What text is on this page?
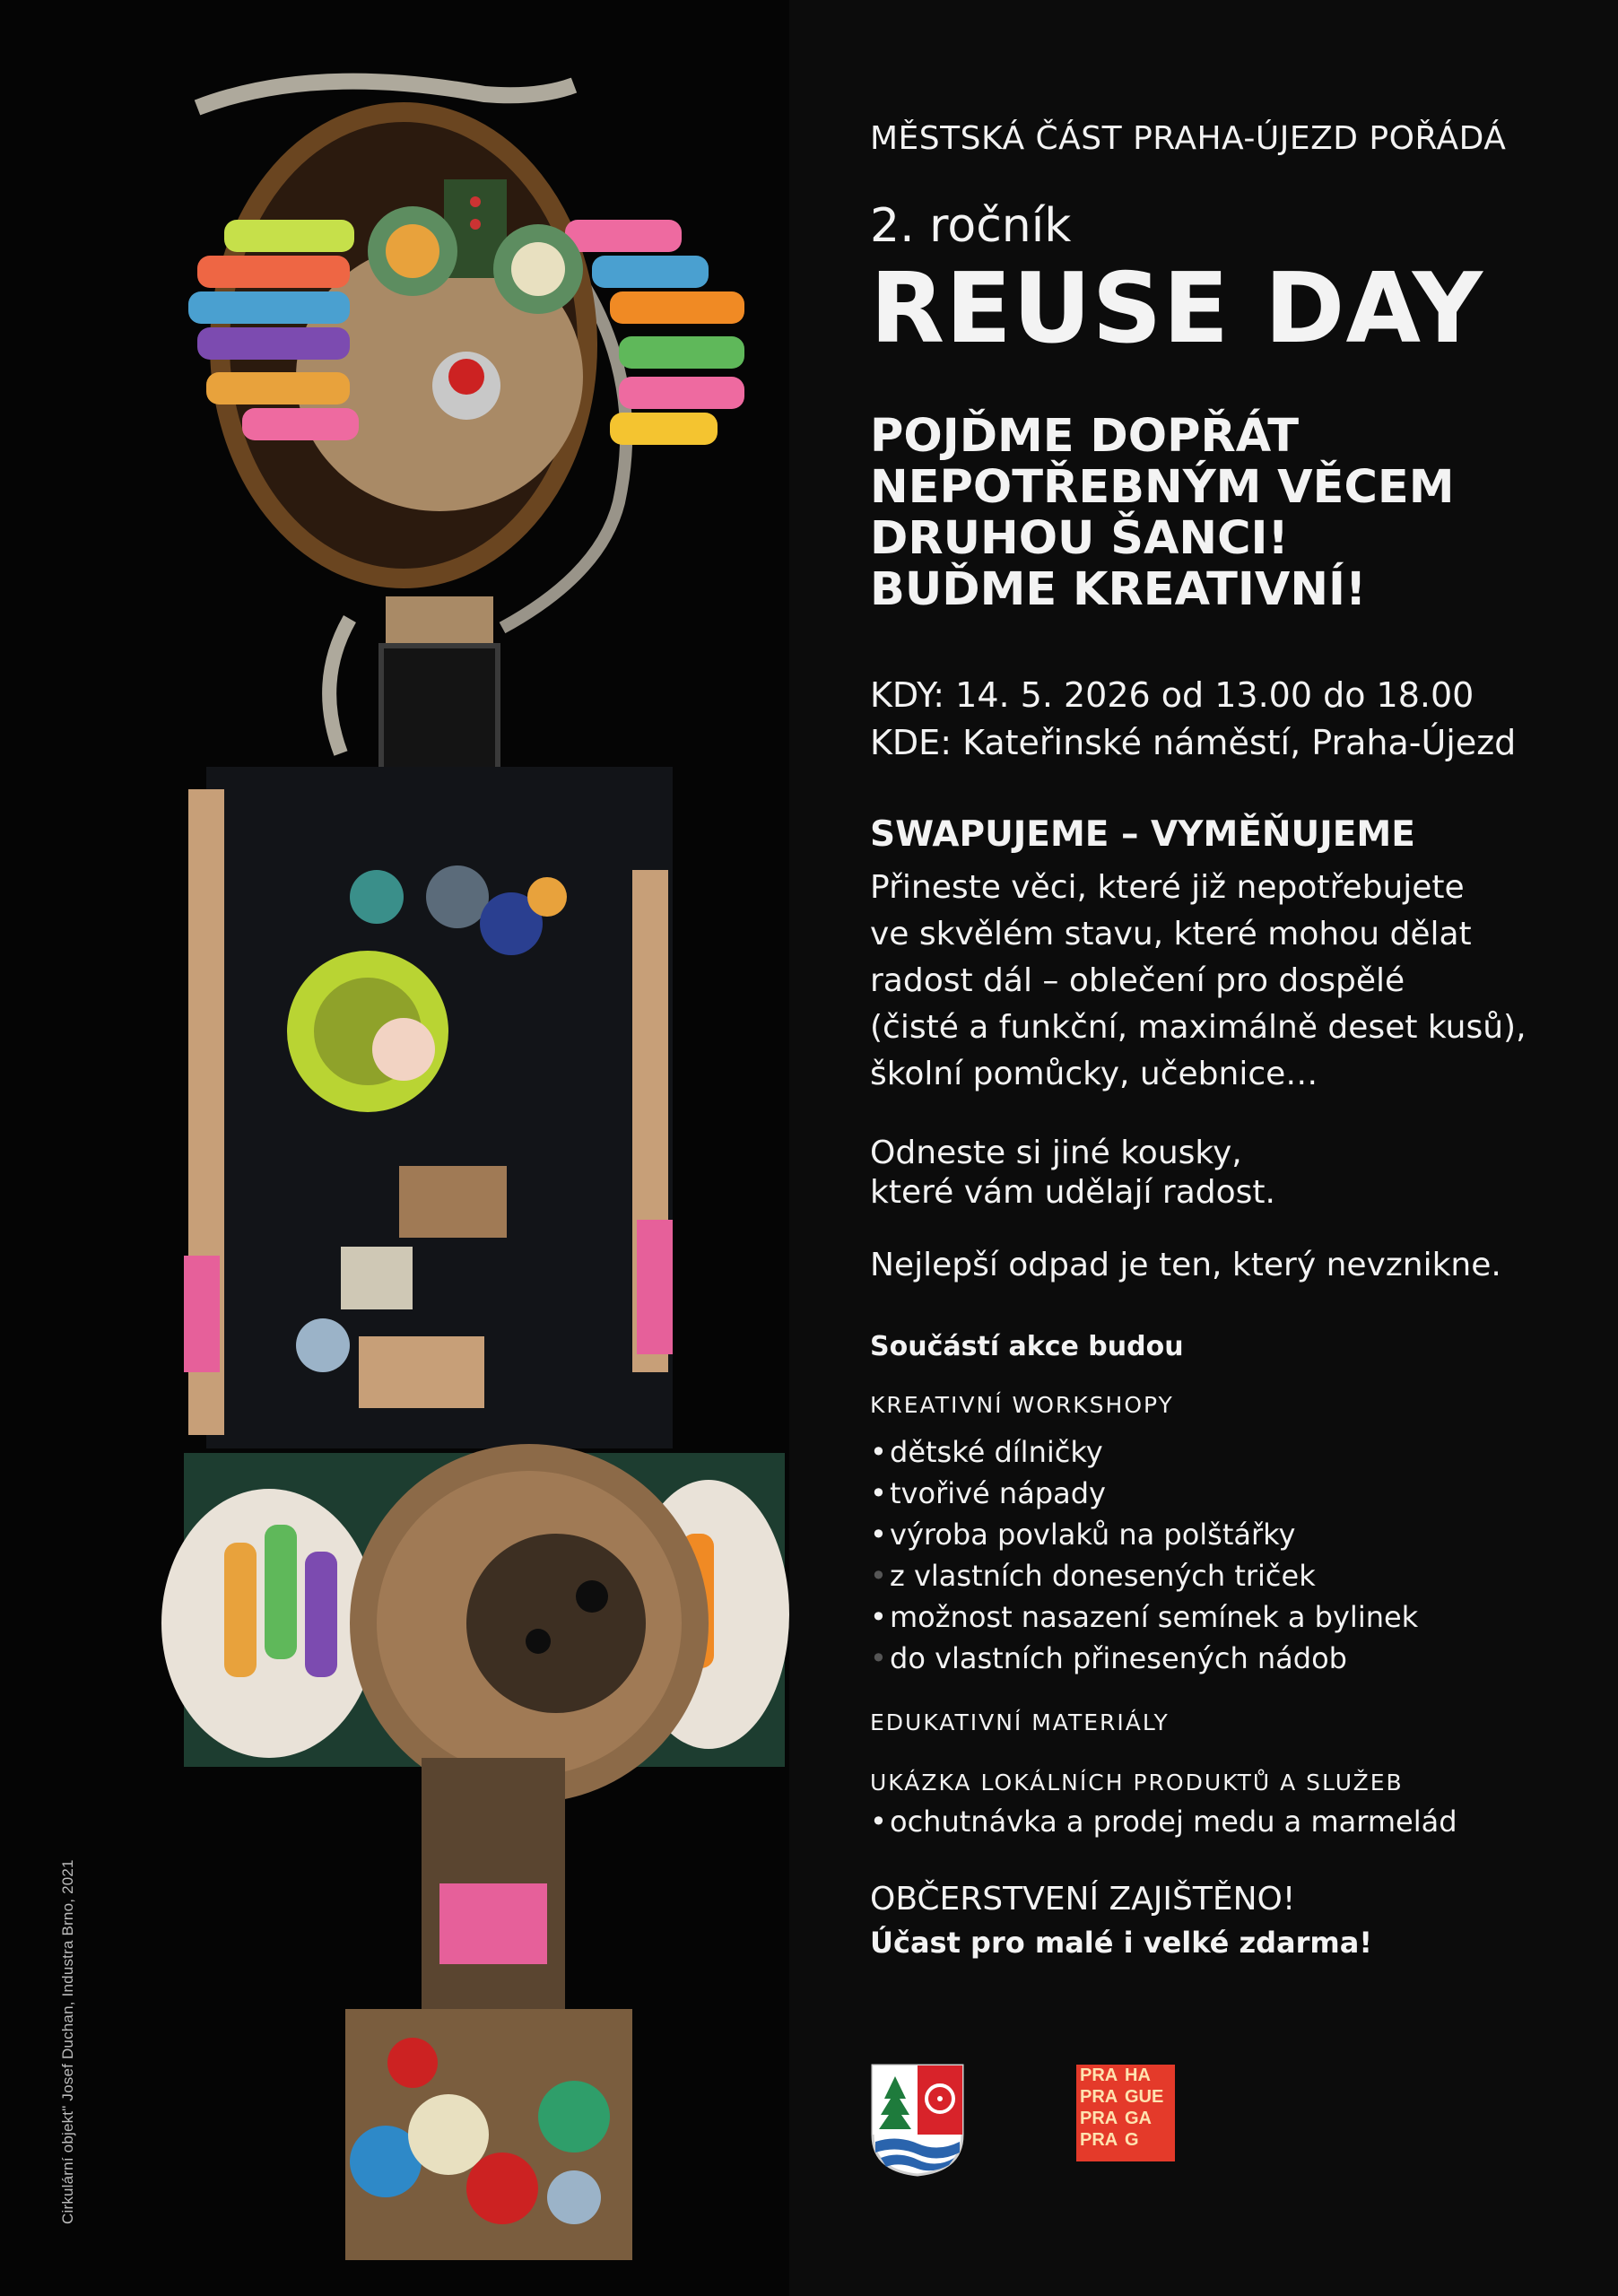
Cirkulární objekt" Josef Duchan, Industra Brno, 2021
MĚSTSKÁ ČÁST PRAHA-ÚJEZD POŘÁDÁ
2. ročník
REUSE DAY
POJĎME DOPŘÁT
NEPOTŘEBNÝM VĚCEM
DRUHOU ŠANCI!
BUĎME KREATIVNÍ!
KDY: 14. 5. 2026 od 13.00 do 18.00
KDE: Kateřinské náměstí, Praha-Újezd
SWAPUJEME – VYMĚŇUJEME
Přineste věci, které již nepotřebujete
ve skvělém stavu, které mohou dělat
radost dál – oblečení pro dospělé
(čisté a funkční, maximálně deset kusů),
školní pomůcky, učebnice…
Odneste si jiné kousky,
které vám udělají radost.
Nejlepší odpad je ten, který nevznikne.
Součástí akce budou
KREATIVNÍ WORKSHOPY
•dětské dílničky
•tvořivé nápady
•výroba povlaků na polštářky
•z vlastních donesených triček
•možnost nasazení semínek a bylinek
•do vlastních přinesených nádob
EDUKATIVNÍ MATERIÁLY
UKÁZKA LOKÁLNÍCH PRODUKTŮ A SLUŽEB
•ochutnávka a prodej medu a marmelád
OBČERSTVENÍ ZAJIŠTĚNO!
Účast pro malé i velké zdarma!
PRA HA
PRA GUE
PRA GA
PRA G
